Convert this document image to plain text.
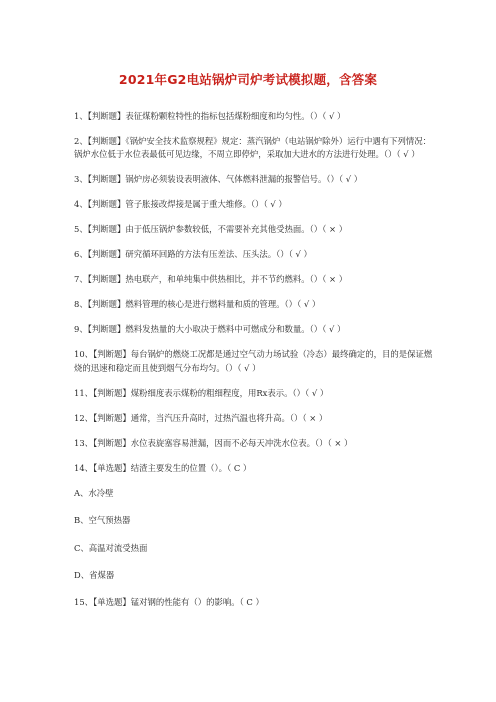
2021年G2电站锅炉司炉考试模拟题，含答案
1、【判断题】表征煤粉颗粒特性的指标包括煤粉细度和均匀性。（）（ √ ）
2、【判断题】《锅炉安全技术监察规程》规定：蒸汽锅炉（电站锅炉除外）运行中遇有下列情况：锅炉水位低于水位表最低可见边缘，不周立即停炉，采取加大进水的方法进行处理。（）（ √ ）
3、【判断题】锅炉房必须装设表明液体、气体燃料泄漏的报警信号。（）（ √ ）
4、【判断题】管子胀接改焊接是属于重大维修。（）（ √ ）
5、【判断题】由于低压锅炉参数较低，不需要补充其他受热面。（）（ × ）
6、【判断题】研究循环回路的方法有压差法、压头法。（）（ √ ）
7、【判断题】热电联产，和单纯集中供热相比，并不节约燃料。（）（ × ）
8、【判断题】燃料管理的核心是进行燃料量和质的管理。（）（ √ ）
9、【判断题】燃料发热量的大小取决于燃料中可燃成分和数量。（）（ √ ）
10、【判断题】每台锅炉的燃烧工况都是通过空气动力场试验（冷态）最终确定的，目的是保证燃烧的迅速和稳定而且使到烟气分布均匀。（）（ √ ）
11、【判断题】煤粉细度表示煤粉的粗细程度，用Rx表示。（）（ √ ）
12、【判断题】通常，当汽压升高时，过热汽温也将升高。（）（ × ）
13、【判断题】水位表旋塞容易泄漏，因而不必每天冲洗水位表。（）（ × ）
14、【单选题】结渣主要发生的位置（）。（ C ）
A、水冷壁
B、空气预热器
C、高温对流受热面
D、省煤器
15、【单选题】锰对钢的性能有（）的影响。（ C ）
